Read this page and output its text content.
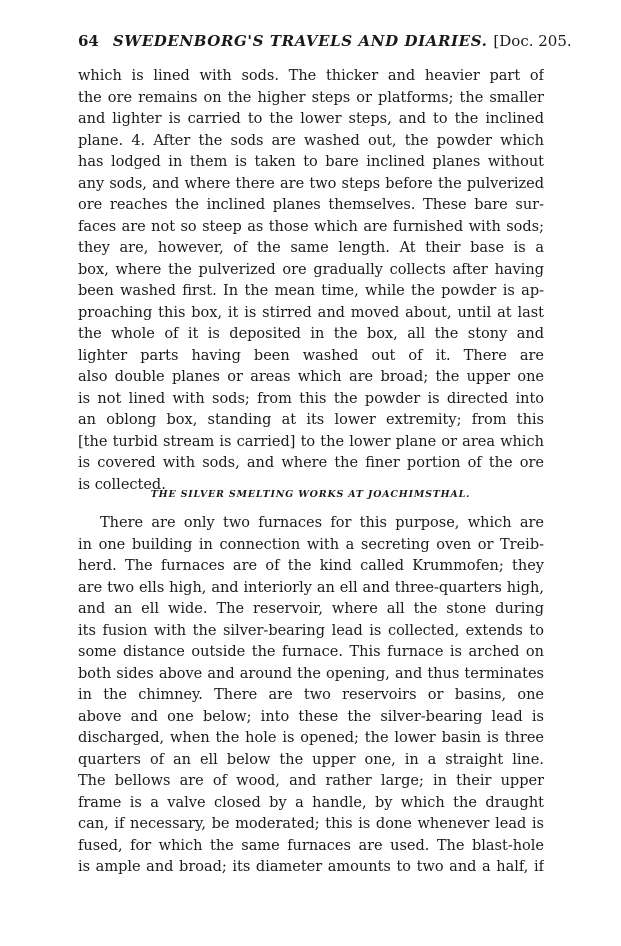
64 SWEDENBORG'S TRAVELS AND DIARIES. [Doc. 205.
which is lined with sods. The thicker and heavier part of
the ore remains on the higher steps or platforms; the smaller
and lighter is carried to the lower steps, and to the inclined
plane. 4. After the sods are washed out, the powder which
has lodged in them is taken to bare inclined planes without
any sods, and where there are two steps before the pulverized
ore reaches the inclined planes themselves. These bare sur-
faces are not so steep as those which are furnished with sods;
they are, however, of the same length. At their base is a
box, where the pulverized ore gradually collects after having
been washed first. In the mean time, while the powder is ap-
proaching this box, it is stirred and moved about, until at last
the whole of it is deposited in the box, all the stony and
lighter parts having been washed out of it. There are
also double planes or areas which are broad; the upper one
is not lined with sods; from this the powder is directed into
an oblong box, standing at its lower extremity; from this
[the turbid stream is carried] to the lower plane or area which
is covered with sods, and where the finer portion of the ore
is collected.
THE SILVER SMELTING WORKS AT JOACHIMSTHAL.
There are only two furnaces for this purpose, which are
in one building in connection with a secreting oven or Treib-
herd. The furnaces are of the kind called Krummofen; they
are two ells high, and interiorly an ell and three-quarters high,
and an ell wide. The reservoir, where all the stone during
its fusion with the silver-bearing lead is collected, extends to
some distance outside the furnace. This furnace is arched on
both sides above and around the opening, and thus terminates
in the chimney. There are two reservoirs or basins, one
above and one below; into these the silver-bearing lead is
discharged, when the hole is opened; the lower basin is three
quarters of an ell below the upper one, in a straight line.
The bellows are of wood, and rather large; in their upper
frame is a valve closed by a handle, by which the draught
can, if necessary, be moderated; this is done whenever lead is
fused, for which the same furnaces are used. The blast-hole
is ample and broad; its diameter amounts to two and a half, if
